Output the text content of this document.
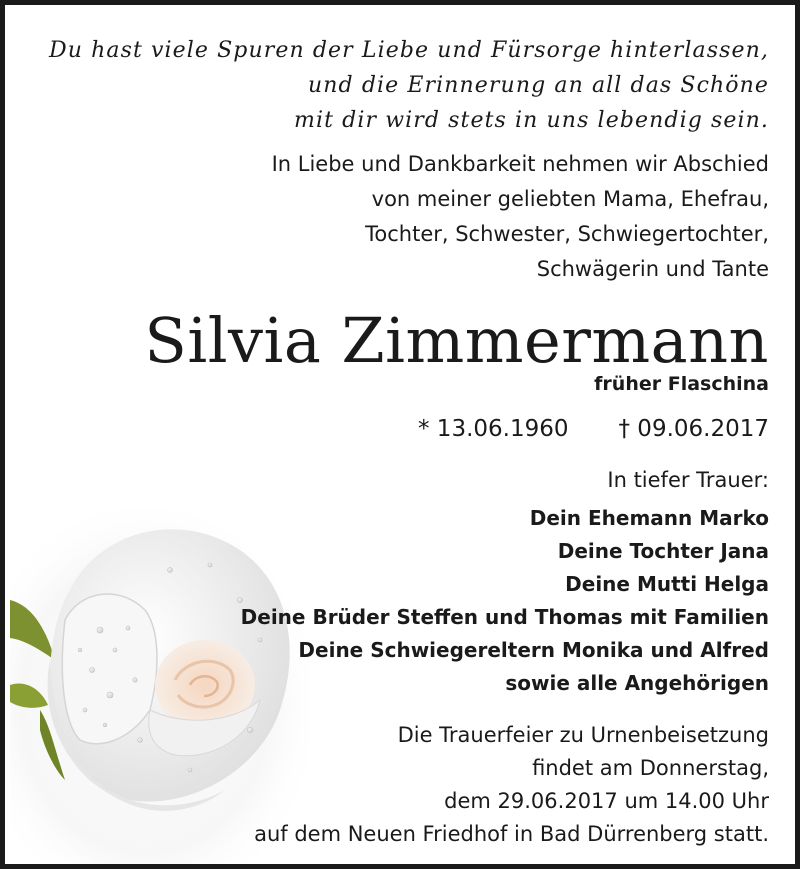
Du hast viele Spuren der Liebe und Fürsorge hinterlassen,
und die Erinnerung an all das Schöne
mit dir wird stets in uns lebendig sein.
In Liebe und Dankbarkeit nehmen wir Abschied
von meiner geliebten Mama, Ehefrau,
Tochter, Schwester, Schwiegertochter,
Schwägerin und Tante
Silvia Zimmermann
früher Flaschina
* 13.06.1960 † 09.06.2017
In tiefer Trauer:
Dein Ehemann Marko
Deine Tochter Jana
Deine Mutti Helga
Deine Brüder Steffen und Thomas mit Familien
Deine Schwiegereltern Monika und Alfred
sowie alle Angehörigen
Die Trauerfeier zu Urnenbeisetzung
findet am Donnerstag,
dem 29.06.2017 um 14.00 Uhr
auf dem Neuen Friedhof in Bad Dürrenberg statt.
